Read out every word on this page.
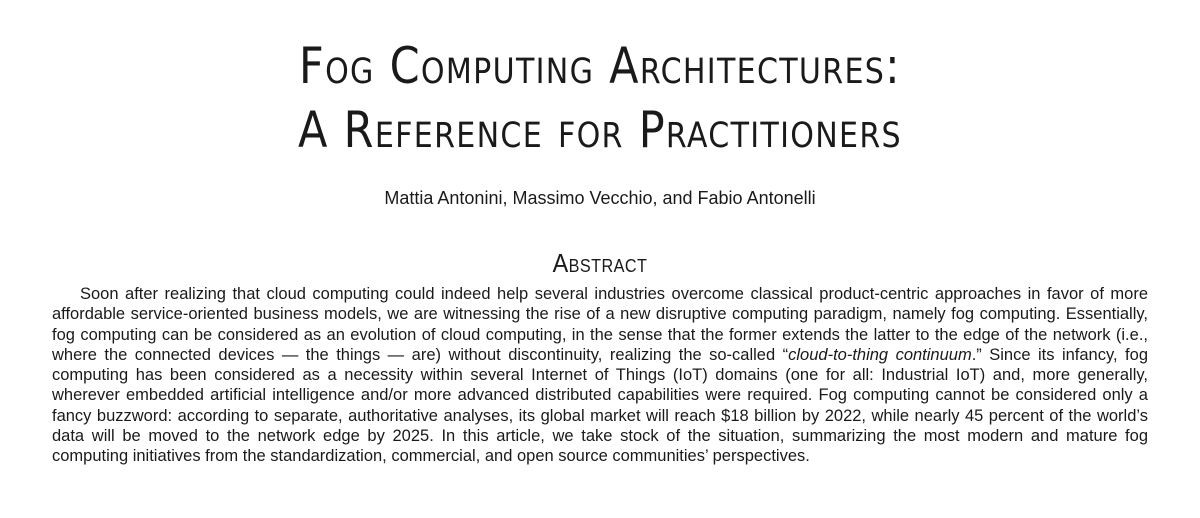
Fog Computing Architectures:
A Reference for Practitioners
Mattia Antonini, Massimo Vecchio, and Fabio Antonelli
Abstract

Soon after realizing that cloud computing could indeed help several industries overcome classical product-centric approaches in favor of more affordable service-oriented business models, we are witnessing the rise of a new disruptive computing paradigm, namely fog computing. Essentially, fog computing can be considered as an evolution of cloud computing, in the sense that the former extends the latter to the edge of the network (i.e., where the connected devices — the things — are) without discontinuity, realizing the so-called “cloud-to-thing continuum.” Since its infancy, fog computing has been considered as a necessity within several Internet of Things (IoT) domains (one for all: Industrial IoT) and, more generally, wherever embedded artificial intelligence and/or more advanced distributed capabilities were required. Fog computing cannot be considered only a fancy buzzword: according to separate, authoritative analyses, its global market will reach $18 billion by 2022, while nearly 45 percent of the world’s data will be moved to the network edge by 2025. In this article, we take stock of the situation, summarizing the most modern and mature fog computing initiatives from the standardization, commercial, and open source communities’ perspectives.
